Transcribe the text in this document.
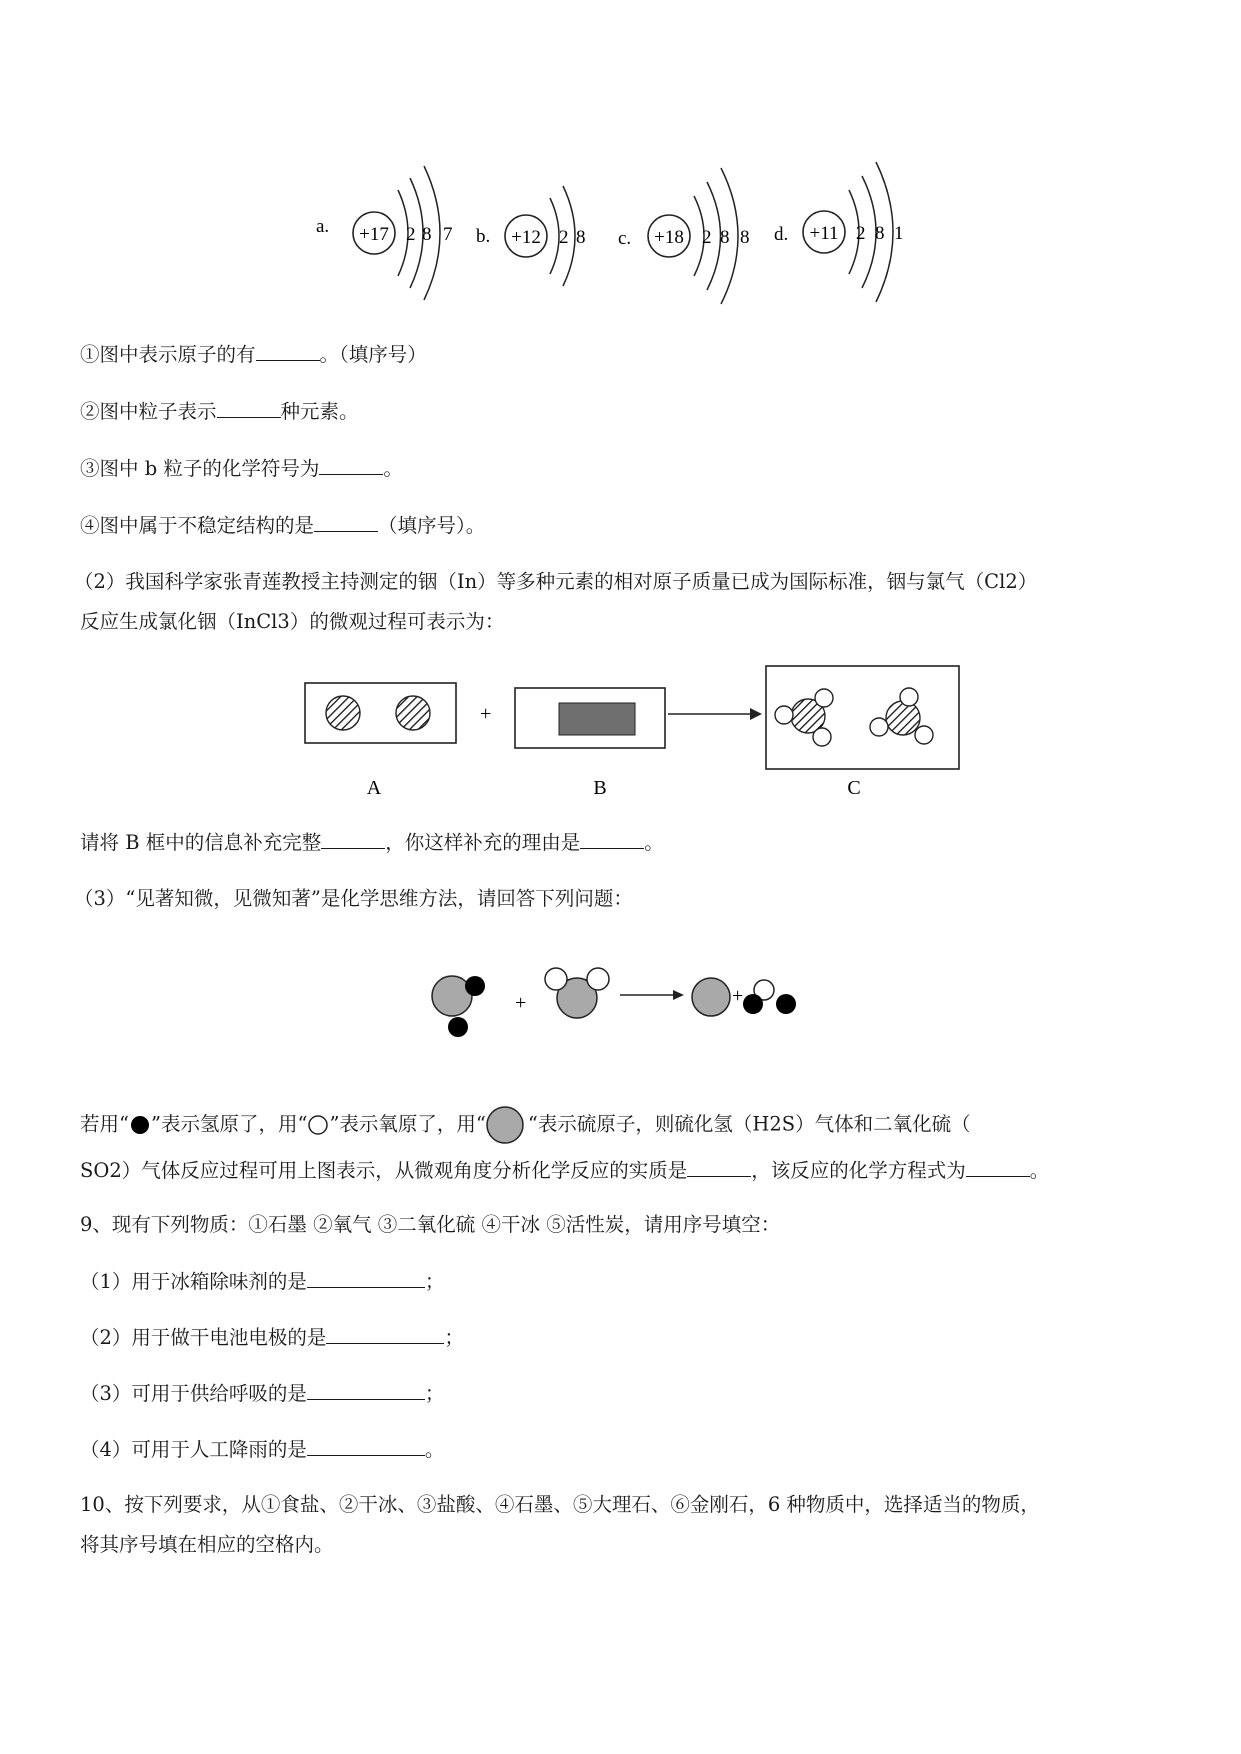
a. +17 2 8 7 b. +12 2 8 c. +18 2 8 8 d. +11 2 8 1
①图中表示原子的有	。（填序号）
②图中粒子表示	种元素。
③图中 b 粒子的化学符号为	。
④图中属于不稳定结构的是	（填序号）。
（2）我国科学家张青莲教授主持测定的铟（In）等多种元素的相对原子质量已成为国际标准，铟与氯气（Cl2）
反应生成氯化铟（InCl3）的微观过程可表示为：
+
A	B	C
请将 B 框中的信息补充完整	，你这样补充的理由是	。
（3）“见著知微，见微知著”是化学思维方法，请回答下列问题：
+	+
若用“ ”表示氢原了，用“ ”表示氧原了，用“ “表示硫原子，则硫化氢（H2S）气体和二氧化硫（
SO2）气体反应过程可用上图表示，从微观角度分析化学反应的实质是	，该反应的化学方程式为	。
9、现有下列物质：①石墨 ②氧气 ③二氧化硫 ④干冰 ⑤活性炭，请用序号填空：
（1）用于冰箱除味剂的是	；
（2）用于做干电池电极的是	；
（3）可用于供给呼吸的是	；
（4）可用于人工降雨的是	。
10、按下列要求，从①食盐、②干冰、③盐酸、④石墨、⑤大理石、⑥金刚石，6 种物质中，选择适当的物质，
将其序号填在相应的空格内。
